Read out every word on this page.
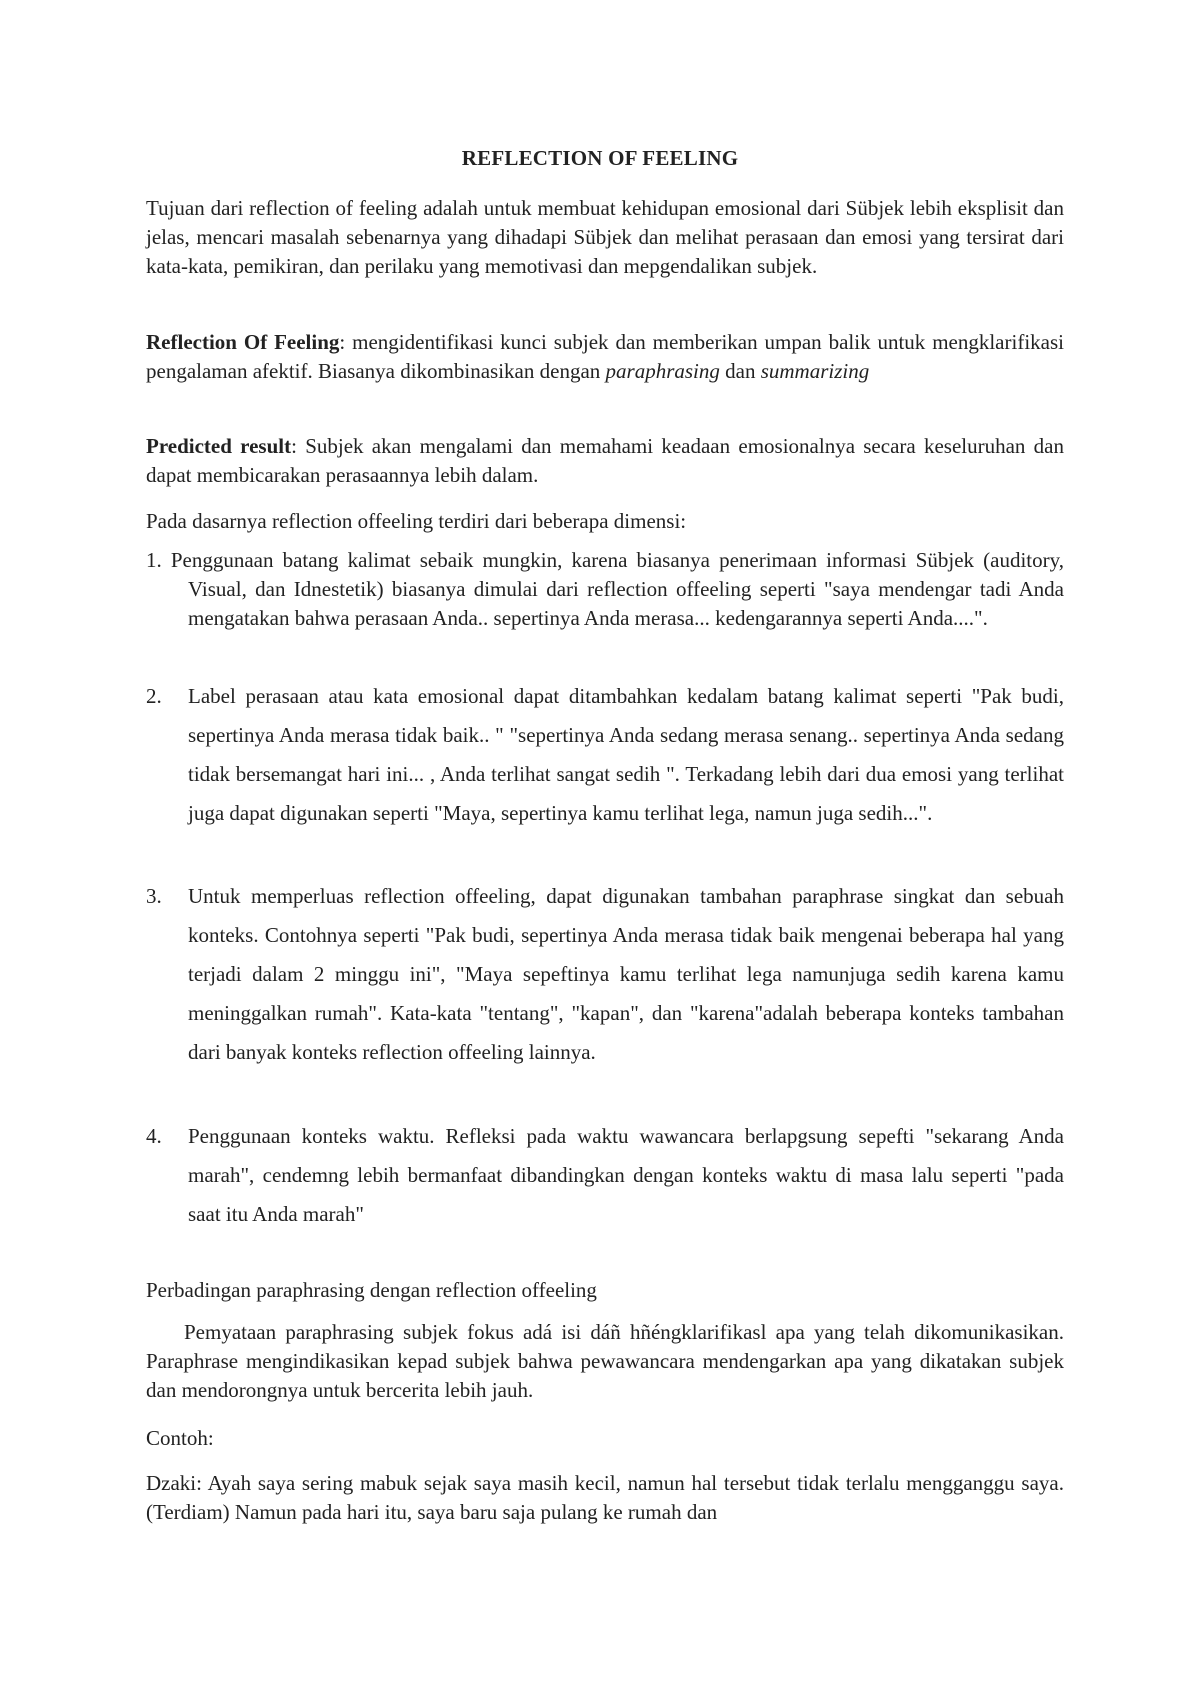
REFLECTION OF FEELING

Tujuan dari reflection of feeling adalah untuk membuat kehidupan emosional dari Sübjek lebih eksplisit dan jelas, mencari masalah sebenarnya yang dihadapi Sübjek dan melihat perasaan dan emosi yang tersirat dari kata-kata, pemikiran, dan perilaku yang memotivasi dan mepgendalikan subjek.

Reflection Of Feeling: mengidentifikasi kunci subjek dan memberikan umpan balik untuk mengklarifikasi pengalaman afektif. Biasanya dikombinasikan dengan paraphrasing dan summarizing

Predicted result: Subjek akan mengalami dan memahami keadaan emosionalnya secara keseluruhan dan dapat membicarakan perasaannya lebih dalam.

Pada dasarnya reflection offeeling terdiri dari beberapa dimensi:

1. Penggunaan batang kalimat sebaik mungkin, karena biasanya penerimaan informasi Sübjek (auditory, Visual, dan Idnestetik) biasanya dimulai dari reflection offeeling seperti "saya mendengar tadi Anda mengatakan bahwa perasaan Anda.. sepertinya Anda merasa... kedengarannya seperti Anda....".
2. Label perasaan atau kata emosional dapat ditambahkan kedalam batang kalimat seperti "Pak budi, sepertinya Anda merasa tidak baik.. " "sepertinya Anda sedang merasa senang.. sepertinya Anda sedang tidak bersemangat hari ini... , Anda terlihat sangat sedih ". Terkadang lebih dari dua emosi yang terlihat juga dapat digunakan seperti "Maya, sepertinya kamu terlihat lega, namun juga sedih...".
3. Untuk memperluas reflection offeeling, dapat digunakan tambahan paraphrase singkat dan sebuah konteks. Contohnya seperti "Pak budi, sepertinya Anda merasa tidak baik mengenai beberapa hal yang terjadi dalam 2 minggu ini", "Maya sepeftinya kamu terlihat lega namunjuga sedih karena kamu meninggalkan rumah". Kata-kata "tentang", "kapan", dan "karena"adalah beberapa konteks tambahan dari banyak konteks reflection offeeling lainnya.
4. Penggunaan konteks waktu. Refleksi pada waktu wawancara berlapgsung sepefti "sekarang Anda marah", cendemng lebih bermanfaat dibandingkan dengan konteks waktu di masa lalu seperti "pada saat itu Anda marah"

Perbadingan paraphrasing dengan reflection offeeling

Pemyataan paraphrasing subjek fokus adá isi dáñ hñéngklarifikasl apa yang telah dikomunikasikan. Paraphrase mengindikasikan kepad subjek bahwa pewawancara mendengarkan apa yang dikatakan subjek dan mendorongnya untuk bercerita lebih jauh.

Contoh:

Dzaki: Ayah saya sering mabuk sejak saya masih kecil, namun hal tersebut tidak terlalu mengganggu saya. (Terdiam) Namun pada hari itu, saya baru saja pulang ke rumah dan
